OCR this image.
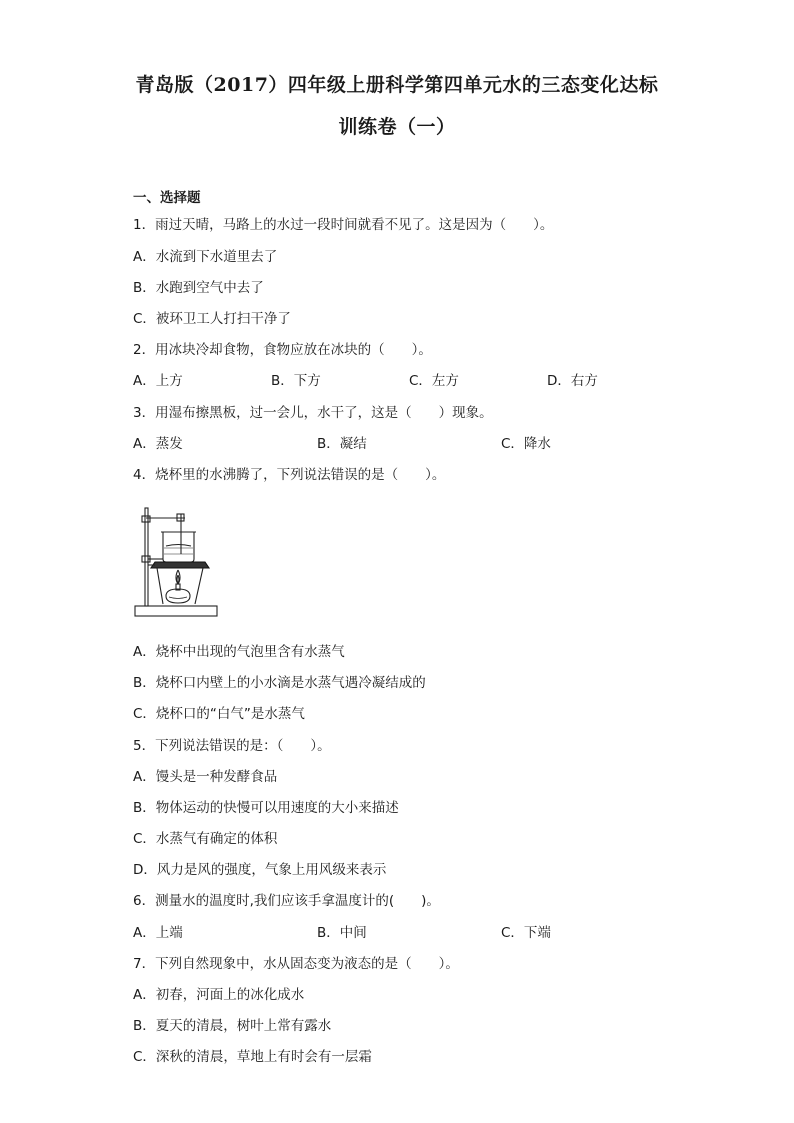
青岛版（2017）四年级上册科学第四单元水的三态变化达标
训练卷（一）
一、选择题
1．雨过天晴，马路上的水过一段时间就看不见了。这是因为（　　）。
A．水流到下水道里去了
B．水跑到空气中去了
C．被环卫工人打扫干净了
2．用冰块冷却食物，食物应放在冰块的（　　）。
A．上方	B．下方	C．左方	D．右方
3．用湿布擦黑板，过一会儿，水干了，这是（　　）现象。
A．蒸发	B．凝结	C．降水
4．烧杯里的水沸腾了，下列说法错误的是（　　）。
A．烧杯中出现的气泡里含有水蒸气
B．烧杯口内壁上的小水滴是水蒸气遇冷凝结成的
C．烧杯口的“白气”是水蒸气
5．下列说法错误的是：（　　）。
A．馒头是一种发酵食品
B．物体运动的快慢可以用速度的大小来描述
C．水蒸气有确定的体积
D．风力是风的强度，气象上用风级来表示
6．测量水的温度时,我们应该手拿温度计的(　　)。
A．上端	B．中间	C．下端
7．下列自然现象中，水从固态变为液态的是（　　）。
A．初春，河面上的冰化成水
B．夏天的清晨，树叶上常有露水
C．深秋的清晨，草地上有时会有一层霜
